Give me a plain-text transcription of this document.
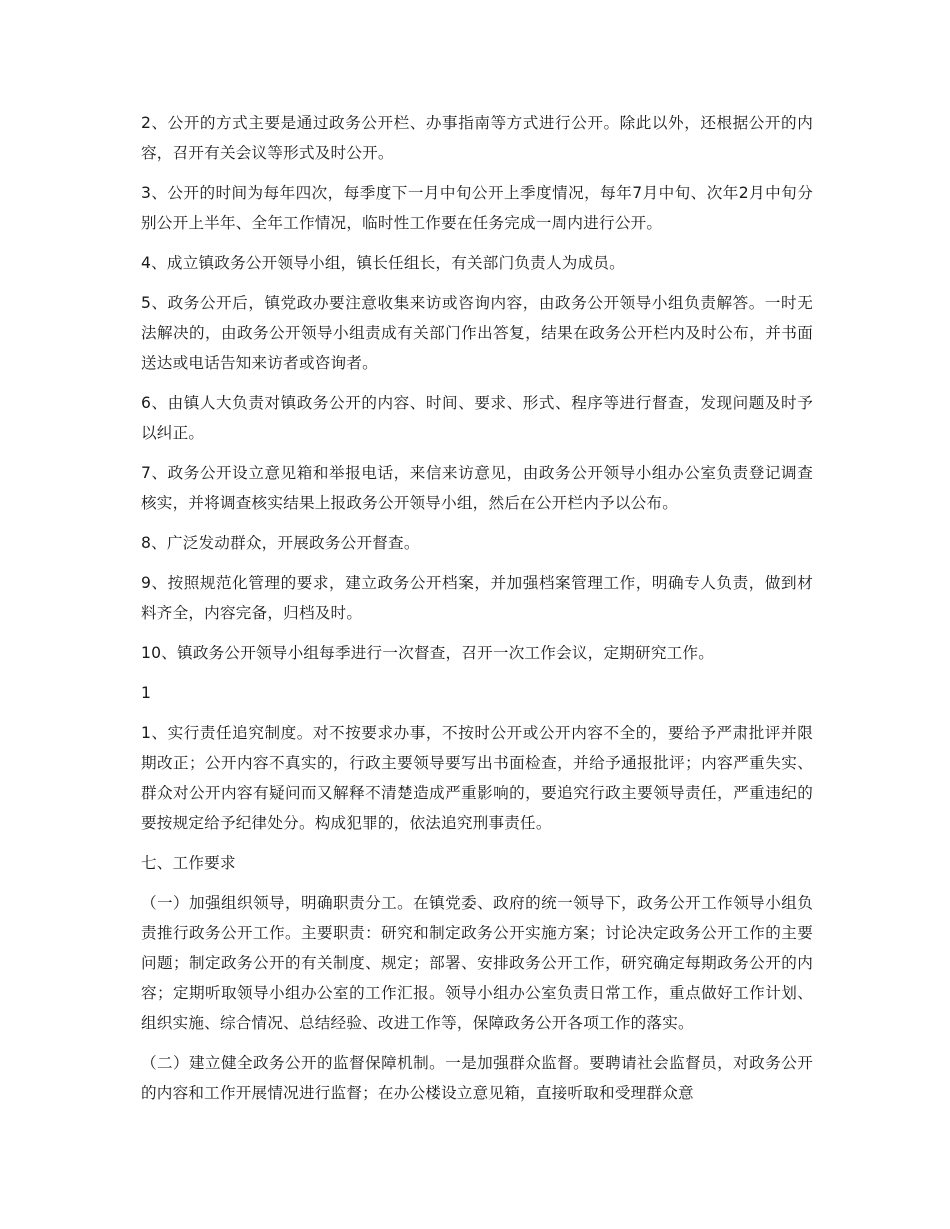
2、公开的方式主要是通过政务公开栏、办事指南等方式进行公开。除此以外，还根据公开的内容，召开有关会议等形式及时公开。

3、公开的时间为每年四次，每季度下一月中旬公开上季度情况，每年7月中旬、次年2月中旬分别公开上半年、全年工作情况，临时性工作要在任务完成一周内进行公开。

4、成立镇政务公开领导小组，镇长任组长，有关部门负责人为成员。

5、政务公开后，镇党政办要注意收集来访或咨询内容，由政务公开领导小组负责解答。一时无法解决的，由政务公开领导小组责成有关部门作出答复，结果在政务公开栏内及时公布，并书面送达或电话告知来访者或咨询者。

6、由镇人大负责对镇政务公开的内容、时间、要求、形式、程序等进行督查，发现问题及时予以纠正。

7、政务公开设立意见箱和举报电话，来信来访意见，由政务公开领导小组办公室负责登记调查核实，并将调查核实结果上报政务公开领导小组，然后在公开栏内予以公布。

8、广泛发动群众，开展政务公开督查。

9、按照规范化管理的要求，建立政务公开档案，并加强档案管理工作，明确专人负责，做到材料齐全，内容完备，归档及时。

10、镇政务公开领导小组每季进行一次督查，召开一次工作会议，定期研究工作。

1

1、实行责任追究制度。对不按要求办事，不按时公开或公开内容不全的，要给予严肃批评并限期改正；公开内容不真实的，行政主要领导要写出书面检查，并给予通报批评；内容严重失实、群众对公开内容有疑问而又解释不清楚造成严重影响的，要追究行政主要领导责任，严重违纪的要按规定给予纪律处分。构成犯罪的，依法追究刑事责任。

七、工作要求

（一）加强组织领导，明确职责分工。在镇党委、政府的统一领导下，政务公开工作领导小组负责推行政务公开工作。主要职责：研究和制定政务公开实施方案；讨论决定政务公开工作的主要问题；制定政务公开的有关制度、规定；部署、安排政务公开工作，研究确定每期政务公开的内容；定期听取领导小组办公室的工作汇报。领导小组办公室负责日常工作，重点做好工作计划、组织实施、综合情况、总结经验、改进工作等，保障政务公开各项工作的落实。

（二）建立健全政务公开的监督保障机制。一是加强群众监督。要聘请社会监督员，对政务公开的内容和工作开展情况进行监督；在办公楼设立意见箱，直接听取和受理群众意
